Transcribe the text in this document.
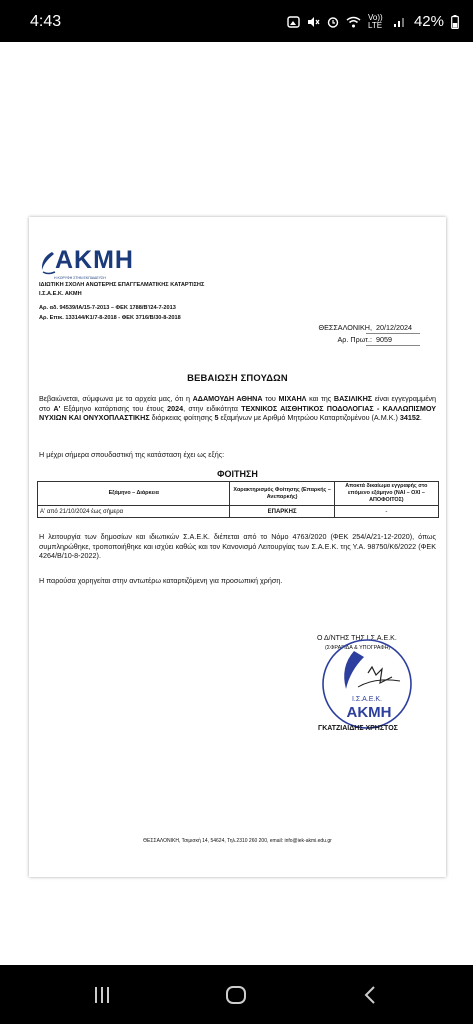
4:43	Vo)) LTE 42%
ΑΚΜΗ
Η ΚΟΡΥΦΗ ΣΤΗΝ ΕΚΠΑΙΔΕΥΣΗ
ΙΔΙΩΤΙΚΗ ΣΧΟΛΗ ΑΝΩΤΕΡΗΣ ΕΠΑΓΓΕΛΜΑΤΙΚΗΣ ΚΑΤΑΡΤΙΣΗΣ
Ι.Σ.Α.Ε.Κ. ΑΚΜΗ
Αρ. αδ. 94539/ΙΑ/15-7-2013 – ΦΕΚ 1788/Β'/24-7-2013
Αρ. Επικ. 133144/Κ1/7-8-2018 - ΦΕΚ 3716/Β/30-8-2018
ΘΕΣΣΑΛΟΝΙΚΗ, 20/12/2024
Αρ. Πρωτ.: 9059
ΒΕΒΑΙΩΣΗ ΣΠΟΥΔΩΝ
Βεβαιώνεται, σύμφωνα με τα αρχεία μας, ότι η ΑΔΑΜΟΥΔΗ ΑΘΗΝΑ του ΜΙΧΑΗΛ και της ΒΑΣΙΛΙΚΗΣ είναι εγγεγραμμένη στο Α' Εξάμηνο κατάρτισης του έτους 2024, στην ειδικότητα ΤΕΧΝΙΚΟΣ ΑΙΣΘΗΤΙΚΟΣ ΠΟΔΟΛΟΓΙΑΣ - ΚΑΛΛΩΠΙΣΜΟΥ ΝΥΧΙΩΝ ΚΑΙ ΟΝΥΧΟΠΛΑΣΤΙΚΗΣ διάρκειας φοίτησης 5 εξαμήνων με Αριθμό Μητρώου Καταρτιζομένου (Α.Μ.Κ.) 34152.
Η μέχρι σήμερα σπουδαστική της κατάσταση έχει ως εξής:
ΦΟΙΤΗΣΗ
Εξάμηνο – Διάρκεια	Χαρακτηρισμός Φοίτησης (Επαρκής – Ανεπαρκής)	Αποκτά δικαίωμα εγγραφής στο επόμενο εξάμηνο (ΝΑΙ – ΟΧΙ – ΑΠΟΦΟΙΤΟΣ)
Α' από 21/10/2024 έως σήμερα	ΕΠΑΡΚΗΣ	-
Η λειτουργία των δημοσίων και ιδιωτικών Σ.Α.Ε.Κ. διέπεται από το Νόμο 4763/2020 (ΦΕΚ 254/Α/21-12-2020), όπως συμπληρώθηκε, τροποποιήθηκε και ισχύει καθώς και τον Κανονισμό Λειτουργίας των Σ.Α.Ε.Κ. της Υ.Α. 98750/Κ6/2022 (ΦΕΚ 4264/Β/10-8-2022).
Η παρούσα χορηγείται στην αντωτέρω καταρτιζόμενη για προσωπική χρήση.
Ο Δ/ΝΤΗΣ ΤΗΣ Ι.Σ.Α.Ε.Κ.
(ΣΦΡΑΓΙΔΑ & ΥΠΟΓΡΑΦΗ)
Ι.Σ.Α.Ε.Κ.
ΑΚΜΗ
ΓΚΑΤΖΙΑΙΔΗΣ ΧΡΗΣΤΟΣ
ΘΕΣΣΑΛΟΝΙΚΗ, Τσιμισκή 14, 54624, Τηλ.2310 260 200, email: info@iek-akmi.edu.gr
